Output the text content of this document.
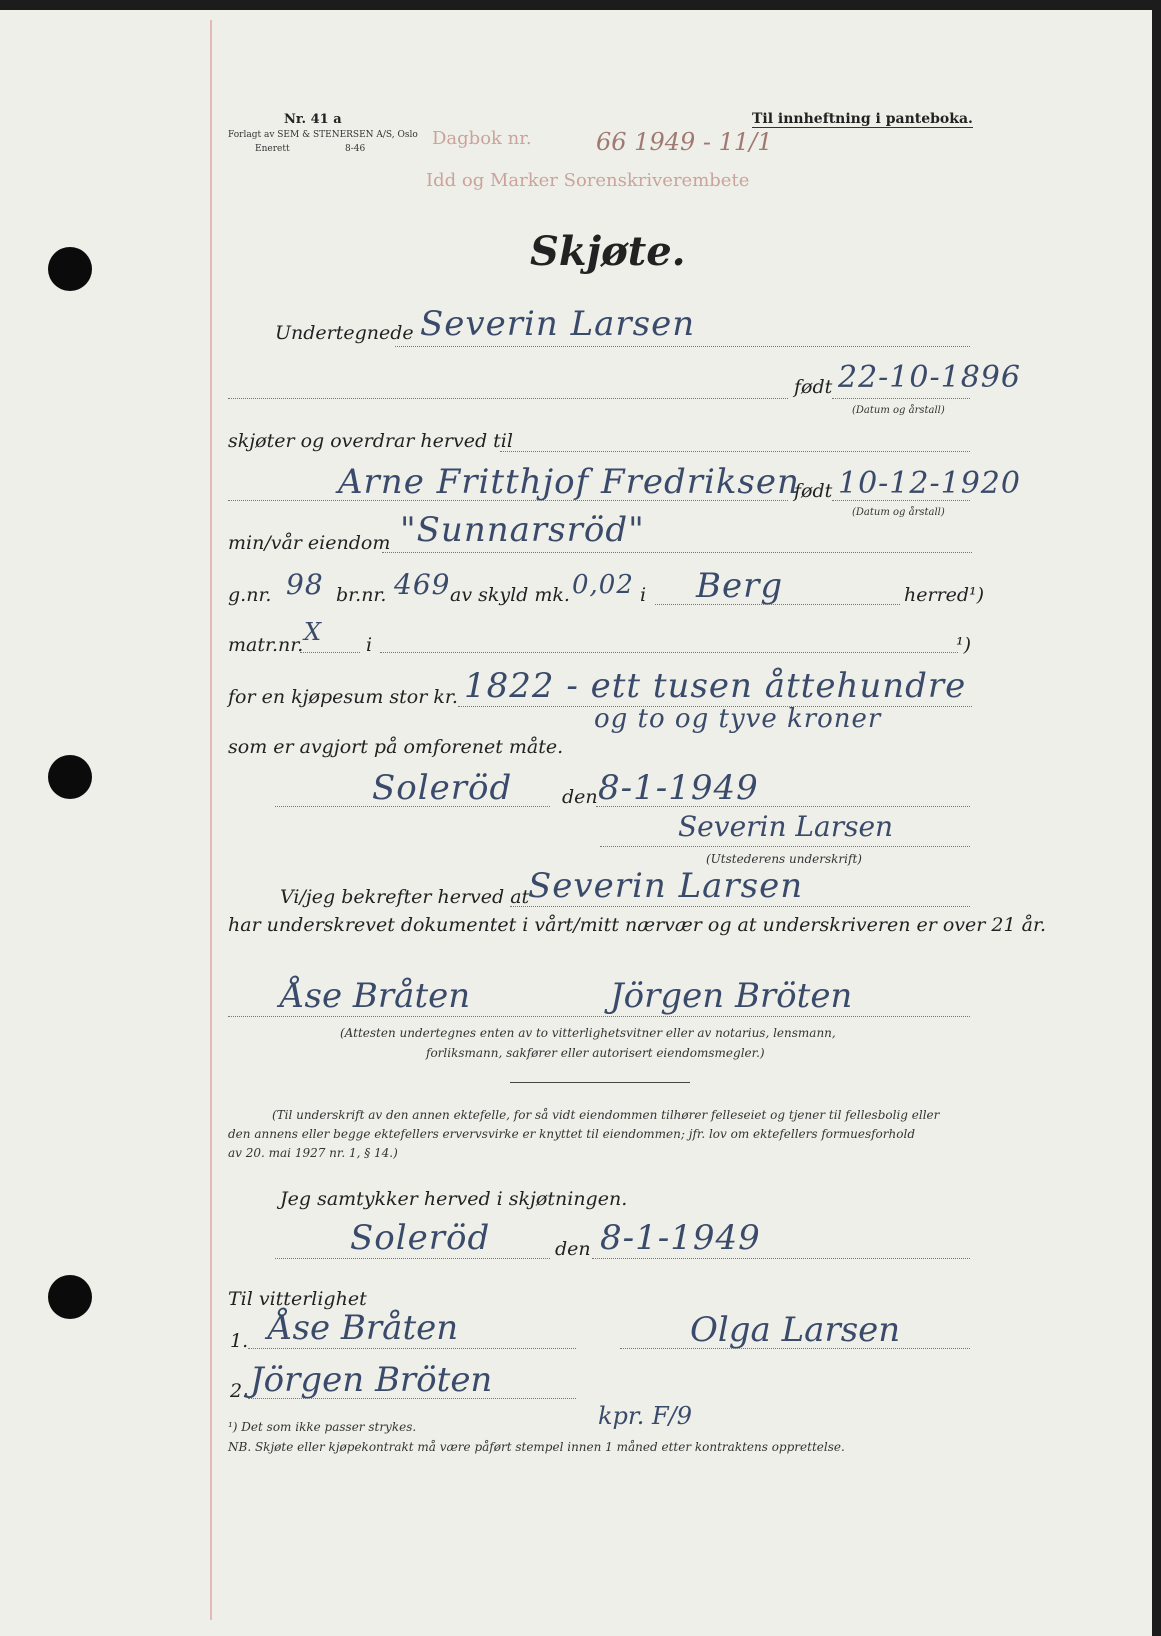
Nr. 41 a
Forlagt av SEM & STENERSEN A/S, Oslo
Enerett	8-46
Til innheftning i panteboka.
Dagbok nr.	66 1949 - 11/1
Idd og Marker Sorenskriverembete
Skjøte.
Undertegnede Severin Larsen
født 22-10-1896
(Datum og årstall)
skjøter og overdrar herved til
Arne Fritthjof Fredriksen
født 10-12-1920
(Datum og årstall)
min/vår eiendom "Sunnarsröd"
g.nr. 98 br.nr. 469 av skyld mk. 0,02 i Berg	herred¹)
matr.nr. X i	¹)
for en kjøpesum stor kr. 1822 - ett tusen åttehundre
og to og tyve kroner
som er avgjort på omforenet måte.
Soleröd	den 8-1-1949
Severin Larsen
(Utstederens underskrift)
Vi/jeg bekrefter herved at
Severin Larsen
har underskrevet dokumentet i vårt/mitt nærvær og at underskriveren er over 21 år.
Åse Bråten	Jörgen Bröten
(Attesten undertegnes enten av to vitterlighetsvitner eller av notarius, lensmann,
forliksmann, sakfører eller autorisert eiendomsmegler.)
(Til underskrift av den annen ektefelle, for så vidt eiendommen tilhører felleseiet og tjener til fellesbolig eller
den annens eller begge ektefellers ervervsvirke er knyttet til eiendommen; jfr. lov om ektefellers formuesforhold
av 20. mai 1927 nr. 1, § 14.)
Jeg samtykker herved i skjøtningen.
Soleröd	den 8-1-1949
Til vitterlighet
1. Åse Bråten	Olga Larsen
2. Jörgen Bröten
kpr. F/9
¹) Det som ikke passer strykes.
NB. Skjøte eller kjøpekontrakt må være påført stempel innen 1 måned etter kontraktens opprettelse.
